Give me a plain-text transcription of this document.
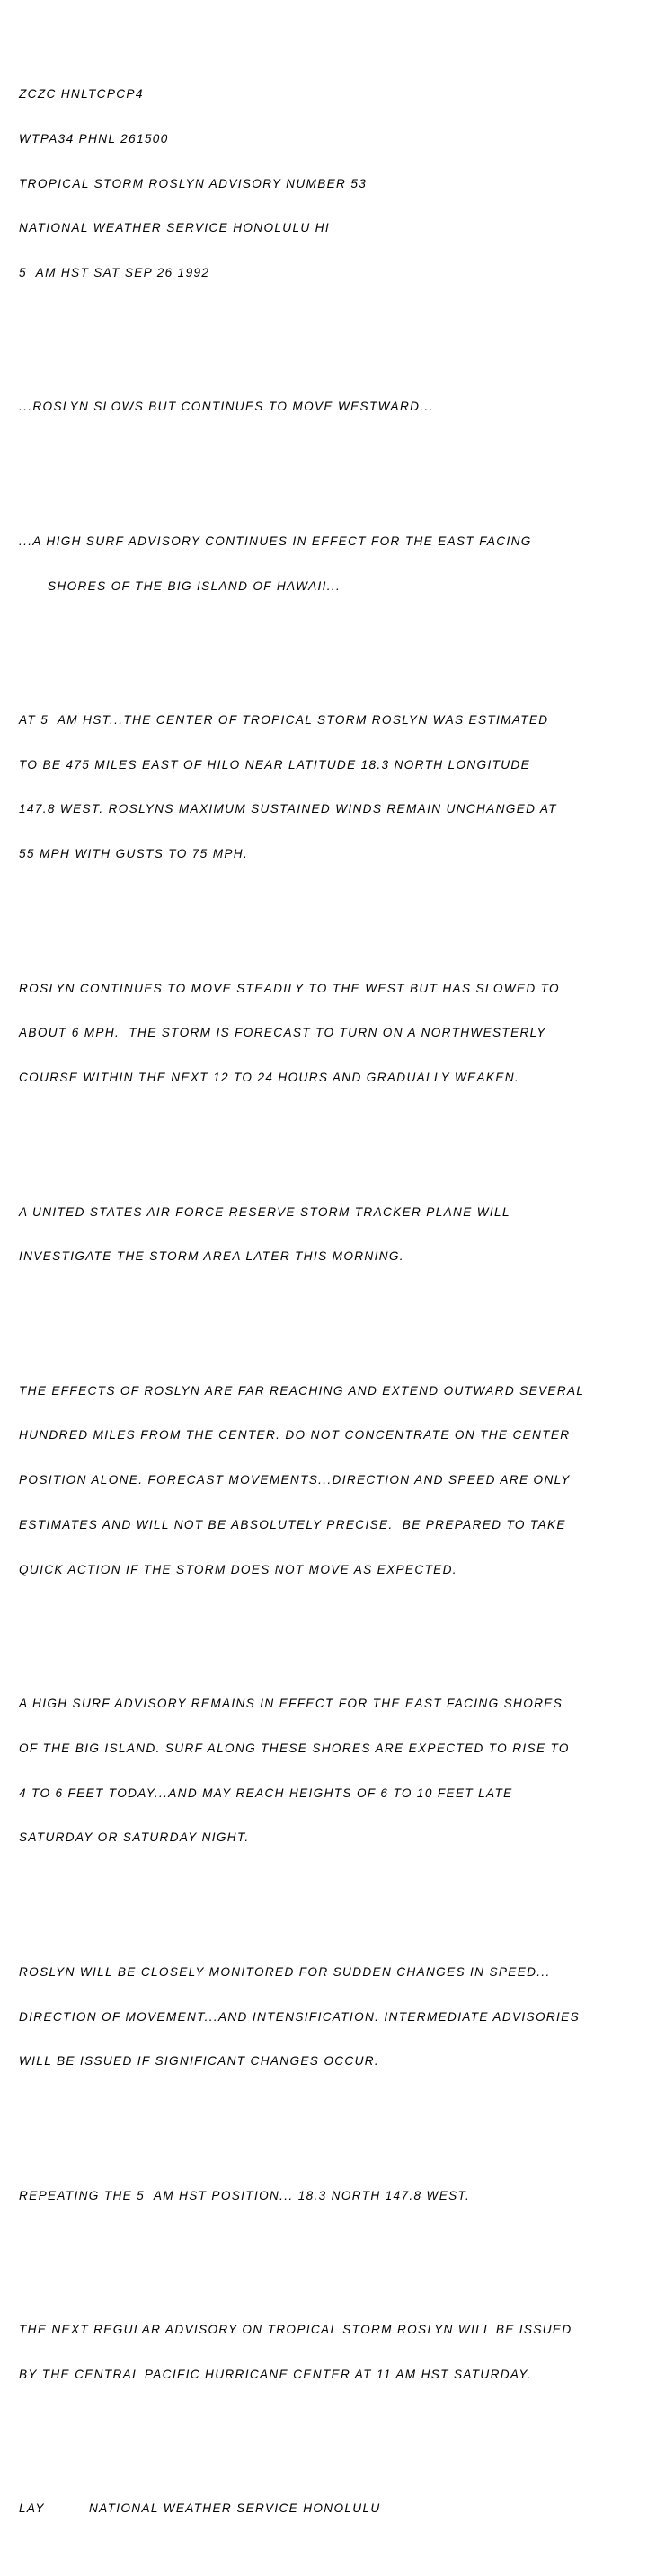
ZCZC HNLTCPCP4

WTPA34 PHNL 261500

TROPICAL STORM ROSLYN ADVISORY NUMBER 53

NATIONAL WEATHER SERVICE HONOLULU HI

5  AM HST SAT SEP 26 1992

...ROSLYN SLOWS BUT CONTINUES TO MOVE WESTWARD...

...A HIGH SURF ADVISORY CONTINUES IN EFFECT FOR THE EAST FACING

SHORES OF THE BIG ISLAND OF HAWAII...

AT 5  AM HST...THE CENTER OF TROPICAL STORM ROSLYN WAS ESTIMATED

TO BE 475 MILES EAST OF HILO NEAR LATITUDE 18.3 NORTH LONGITUDE

147.8 WEST. ROSLYNS MAXIMUM SUSTAINED WINDS REMAIN UNCHANGED AT

55 MPH WITH GUSTS TO 75 MPH.

ROSLYN CONTINUES TO MOVE STEADILY TO THE WEST BUT HAS SLOWED TO

ABOUT 6 MPH.  THE STORM IS FORECAST TO TURN ON A NORTHWESTERLY

COURSE WITHIN THE NEXT 12 TO 24 HOURS AND GRADUALLY WEAKEN.

A UNITED STATES AIR FORCE RESERVE STORM TRACKER PLANE WILL

INVESTIGATE THE STORM AREA LATER THIS MORNING.

THE EFFECTS OF ROSLYN ARE FAR REACHING AND EXTEND OUTWARD SEVERAL

HUNDRED MILES FROM THE CENTER. DO NOT CONCENTRATE ON THE CENTER

POSITION ALONE. FORECAST MOVEMENTS...DIRECTION AND SPEED ARE ONLY

ESTIMATES AND WILL NOT BE ABSOLUTELY PRECISE.  BE PREPARED TO TAKE

QUICK ACTION IF THE STORM DOES NOT MOVE AS EXPECTED.

A HIGH SURF ADVISORY REMAINS IN EFFECT FOR THE EAST FACING SHORES

OF THE BIG ISLAND. SURF ALONG THESE SHORES ARE EXPECTED TO RISE TO

4 TO 6 FEET TODAY...AND MAY REACH HEIGHTS OF 6 TO 10 FEET LATE

SATURDAY OR SATURDAY NIGHT.

ROSLYN WILL BE CLOSELY MONITORED FOR SUDDEN CHANGES IN SPEED...

DIRECTION OF MOVEMENT...AND INTENSIFICATION. INTERMEDIATE ADVISORIES

WILL BE ISSUED IF SIGNIFICANT CHANGES OCCUR.

REPEATING THE 5  AM HST POSITION... 18.3 NORTH 147.8 WEST.

THE NEXT REGULAR ADVISORY ON TROPICAL STORM ROSLYN WILL BE ISSUED

BY THE CENTRAL PACIFIC HURRICANE CENTER AT 11 AM HST SATURDAY.

LAY	NATIONAL WEATHER SERVICE HONOLULU
